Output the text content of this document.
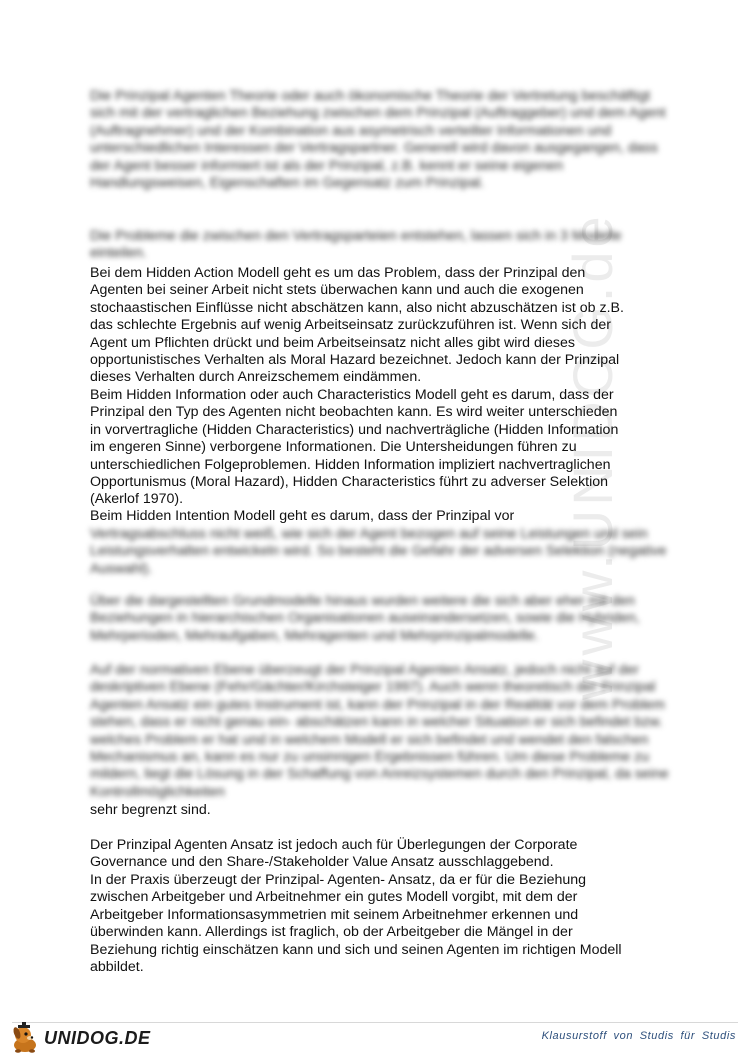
www.UNIDOG.de

Die Prinzipal Agenten Theorie oder auch ökonomische Theorie der Vertretung beschäftigt sich mit der vertraglichen Beziehung zwischen dem Prinzipal (Auftraggeber) und dem Agent (Auftragnehmer) und der Kombination aus asymetrisch verteilter Informationen und unterschiedlichen Interessen der Vertragspartner. Generell wird davon ausgegangen, dass der Agent besser informiert ist als der Prinzipal, z.B. kennt er seine eigenen Handlungsweisen, Eigenschaften im Gegensatz zum Prinzipal.

Die Probleme die zwischen den Vertragsparteien entstehen, lassen sich in 3 Modelle einteilen.

Bei dem Hidden Action Modell geht es um das Problem, dass der Prinzipal den
Agenten bei seiner Arbeit nicht stets überwachen kann und auch die exogenen
stochaastischen Einflüsse nicht abschätzen kann, also nicht abzuschätzen ist ob z.B.
das schlechte Ergebnis auf wenig Arbeitseinsatz zurückzuführen ist. Wenn sich der
Agent um Pflichten drückt und beim Arbeitseinsatz nicht alles gibt wird dieses
opportunistisches Verhalten als Moral Hazard bezeichnet. Jedoch kann der Prinzipal
dieses Verhalten durch Anreizschemem eindämmen.

Beim Hidden Information oder auch Characteristics Modell geht es darum, dass der
Prinzipal den Typ des Agenten nicht beobachten kann. Es wird weiter unterschieden
in vorvertragliche (Hidden Characteristics) und nachverträgliche (Hidden Information
im engeren Sinne) verborgene Informationen. Die Untersheidungen führen zu
unterschiedlichen Folgeproblemen. Hidden Information impliziert nachvertraglichen
Opportunismus (Moral Hazard), Hidden Characteristics führt zu adverser Selektion
(Akerlof 1970).

Beim Hidden Intention Modell geht es darum, dass der Prinzipal vor

Vertragsabschluss nicht weiß, wie sich der Agent bezogen auf seine Leistungen und sein Leistungsverhalten entwickeln wird. So besteht die Gefahr der adversen Selektion (negative Auswahl).

Über die dargestellten Grundmodelle hinaus wurden weitere die sich aber eher mit den Beziehungen in hierarchischen Organisationen auseinandersetzen, sowie die Hybriden, Mehrperioden, Mehraufgaben, Mehragenten und Mehrprinzipalmodelle.

Auf der normativen Ebene überzeugt der Prinzipal Agenten Ansatz, jedoch nicht auf der deskriptiven Ebene (Fehr/Gächter/Kirchsteiger 1997). Auch wenn theoretisch der Prinzipal Agenten Ansatz ein gutes Instrument ist, kann der Prinzipal in der Realität vor dem Problem stehen, dass er nicht genau ein- abschätzen kann in welcher Situation er sich befindet bzw. welches Problem er hat und in welchem Modell er sich befindet und wendet den falschen Mechanismus an, kann es nur zu unsinnigen Ergebnissen führen. Um diese Probleme zu mildern, liegt die Lösung in der Schaffung von Anreizsystemen durch den Prinzipal, da seine Kontrollmöglichkeiten

sehr begrenzt sind.

Der Prinzipal Agenten Ansatz ist jedoch auch für Überlegungen der Corporate
Governance und den Share-/Stakeholder Value Ansatz ausschlaggebend.

In der Praxis überzeugt der Prinzipal- Agenten- Ansatz, da er für die Beziehung
zwischen Arbeitgeber und Arbeitnehmer ein gutes Modell vorgibt, mit dem der
Arbeitgeber Informationsasymmetrien mit seinem Arbeitnehmer erkennen und
überwinden kann. Allerdings ist fraglich, ob der Arbeitgeber die Mängel in der
Beziehung richtig einschätzen kann und sich und seinen Agenten im richtigen Modell
abbildet.

UNIDOG.DE	Klausurstoff von Studis für Studis
